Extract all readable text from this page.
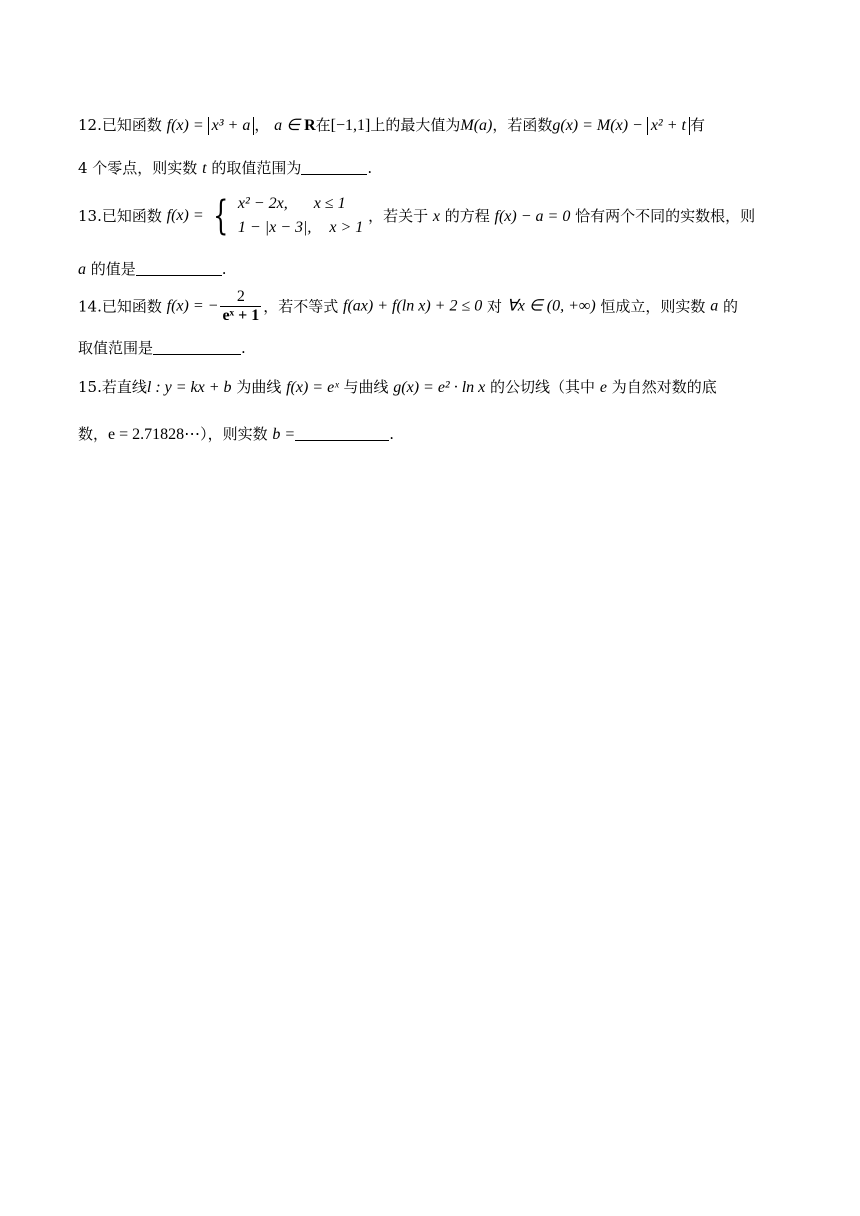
12.已知函数 f(x) = x³ + a ， a ∈ R在[−1,1]上的最大值为M(a)，若函数g(x) = M(x) − x² + t 有
4 个零点，则实数 t 的取值范围为	.
13.已知函数 f(x) = { x² − 2x, x ≤ 1
1 − |x − 3|, x > 1
，若关于 x 的方程 f(x) − a = 0 恰有两个不同的实数根，则
a 的值是	.
14.已知函数 f(x) = − $\frac{2}{\text{eˣ + 1}}$ ，若不等式 f(ax) + f(ln x) + 2 ≤ 0 对 ∀x ∈ (0, +∞) 恒成立，则实数 a 的
取值范围是	.
15.若直线l : y = kx + b 为曲线 f(x) = eˣ 与曲线 g(x) = e² · ln x 的公切线（其中 e 为自然对数的底
数，e = 2.71828⋯），则实数 b =	.
